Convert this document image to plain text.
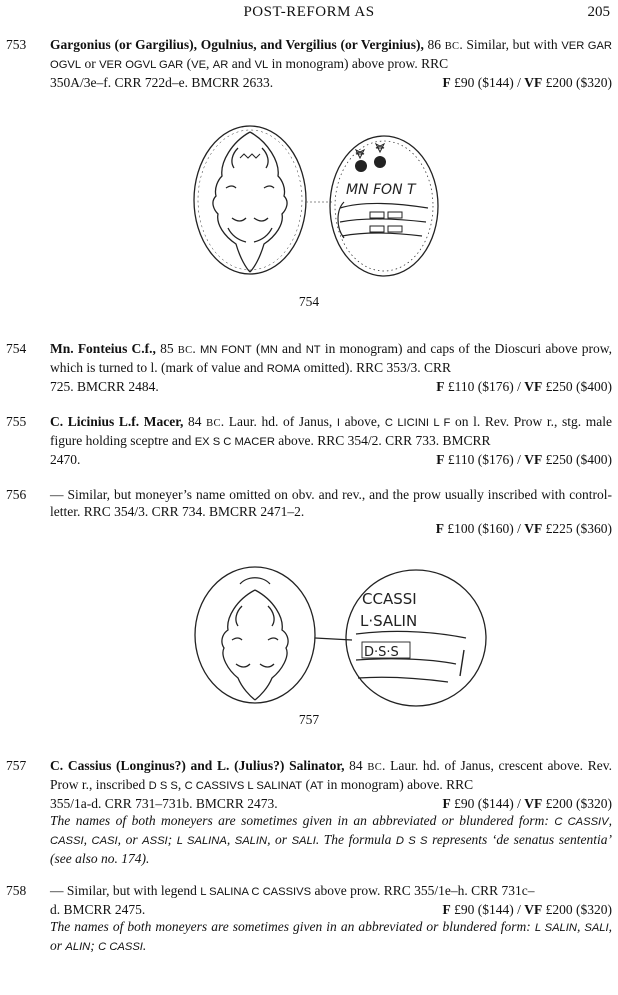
POST-REFORM AS	205
753 Gargonius (or Gargilius), Ogulnius, and Vergilius (or Verginius), 86 BC. Similar, but with VER GAR OGVL or VER OGVL GAR (VE, AR and VL in monogram) above prow. RRC
350A/3e–f. CRR 722d–e. BMCRR 2633.	F £90 ($144) / VF £200 ($320)
MN FON T
754
754 Mn. Fonteius C.f., 85 BC. MN FONT (MN and NT in monogram) and caps of the Dioscuri above prow, which is turned to l. (mark of value and ROMA omitted). RRC 353/3. CRR
725. BMCRR 2484.	F £110 ($176) / VF £250 ($400)
755 C. Licinius L.f. Macer, 84 BC. Laur. hd. of Janus, I above, C LICINI L F on l. Rev. Prow r., stg. male figure holding sceptre and EX S C MACER above. RRC 354/2. CRR 733. BMCRR
2470.	F £110 ($176) / VF £250 ($400)
756 — Similar, but moneyer’s name omitted on obv. and rev., and the prow usually inscribed with control-letter. RRC 354/3. CRR 734. BMCRR 2471–2.
F £100 ($160) / VF £225 ($360)
CCASSI
L·SALIN
D·S·S
757
757 C. Cassius (Longinus?) and L. (Julius?) Salinator, 84 BC. Laur. hd. of Janus, crescent above. Rev. Prow r., inscribed D S S, C CASSIVS L SALINAT (AT in monogram) above. RRC
355/1a-d. CRR 731–731b. BMCRR 2473.	F £90 ($144) / VF £200 ($320)
The names of both moneyers are sometimes given in an abbreviated or blundered form: C CASSIV, CASSI, CASI, or ASSI; L SALINA, SALIN, or SALI. The formula D S S represents ‘de senatus sententia’ (see also no. 174).
758 — Similar, but with legend L SALINA C CASSIVS above prow. RRC 355/1e–h. CRR 731c–
d. BMCRR 2475.	F £90 ($144) / VF £200 ($320)
The names of both moneyers are sometimes given in an abbreviated or blundered form: L SALIN, SALI, or ALIN; C CASSI.
